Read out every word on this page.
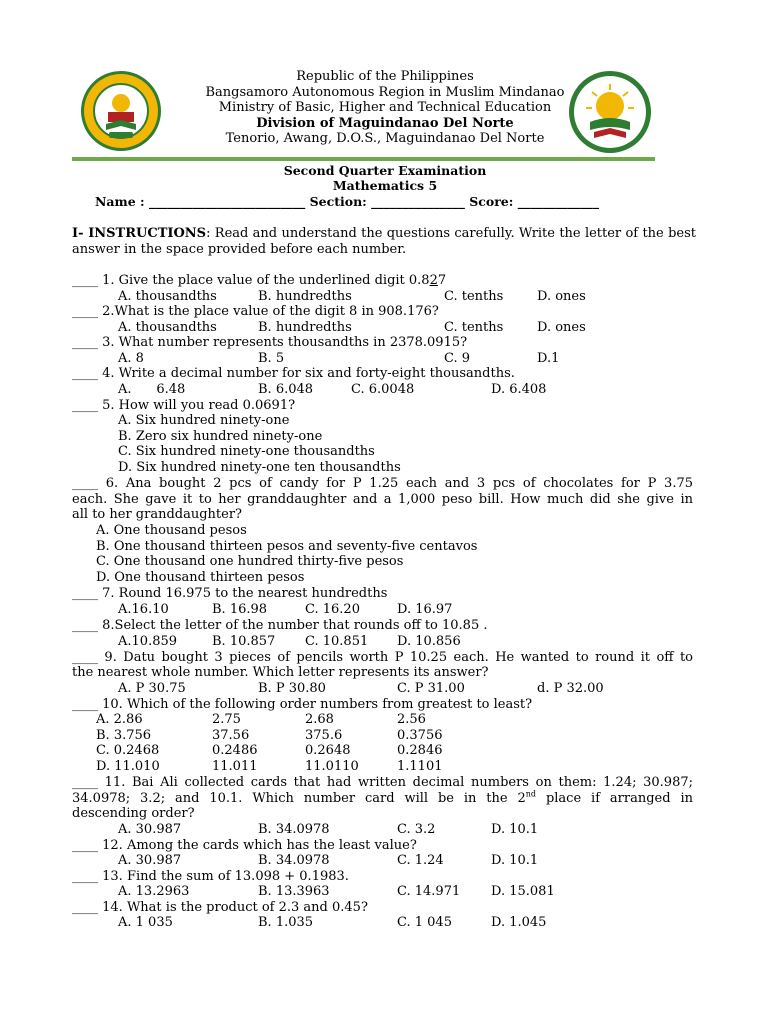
Republic of the Philippines
Bangsamoro Autonomous Region in Muslim Mindanao
Ministry of Basic, Higher and Technical Education
Division of Maguindanao Del Norte
Tenorio, Awang, D.O.S., Maguindanao Del Norte
Second Quarter Examination
Mathematics 5
Name : _________________________ Section: _______________ Score: _____________
I- INSTRUCTIONS: Read and understand the questions carefully. Write the letter of the best answer in the space provided before each number.
____ 1. Give the place value of the underlined digit 0.827
A. thousandths	B. hundredths	C. tenths	D. ones
____ 2.What is the place value of the digit 8 in 908.176?
A. thousandths	B. hundredths	C. tenths	D. ones
____ 3. What number represents thousandths in 2378.0915?
A. 8	B. 5	C. 9	D.1
____ 4. Write a decimal number for six and forty-eight thousandths.
A.      6.48	B. 6.048	C. 6.0048	D. 6.408
____ 5. How will you read 0.0691?
A. Six hundred ninety-one
B. Zero six hundred ninety-one
C. Six hundred ninety-one thousandths
D. Six hundred ninety-one ten thousandths
____ 6. Ana bought 2 pcs of candy for P 1.25 each and 3 pcs of chocolates for P 3.75
each. She gave it to her granddaughter and a 1,000 peso bill. How much did she give in
all to her granddaughter?
A. One thousand pesos
B. One thousand thirteen pesos and seventy-five centavos
C. One thousand one hundred thirty-five pesos
D. One thousand thirteen pesos
____ 7. Round 16.975 to the nearest hundredths
A.16.10	B. 16.98	C. 16.20	D. 16.97
____ 8.Select the letter of the number that rounds off to 10.85 .
A.10.859	B. 10.857 C. 10.851 D. 10.856
____ 9. Datu bought 3 pieces of pencils worth P 10.25 each. He wanted to round it off to
the nearest whole number. Which letter represents its answer?
A. P 30.75	B. P 30.80	C. P 31.00	d. P 32.00
____ 10. Which of the following order numbers from greatest to least?
A. 2.86	2.75	2.68	2.56
B. 3.756	37.56	375.6	0.3756
C. 0.2468	0.2486	0.2648	0.2846
D. 11.010	11.011	11.0110	1.1101
____ 11. Bai Ali collected cards that had written decimal numbers on them: 1.24; 30.987;
34.0978; 3.2; and 10.1. Which number card will be in the 2nd place if arranged in
descending order?
A. 30.987	B. 34.0978	C. 3.2	D. 10.1
____ 12. Among the cards which has the least value?
A. 30.987	B. 34.0978	C. 1.24	D. 10.1
____ 13. Find the sum of 13.098 + 0.1983.
A. 13.2963	B. 13.3963	C. 14.971 D. 15.081
____ 14. What is the product of 2.3 and 0.45?
A. 1 035	B. 1.035	C. 1 045	D. 1.045
